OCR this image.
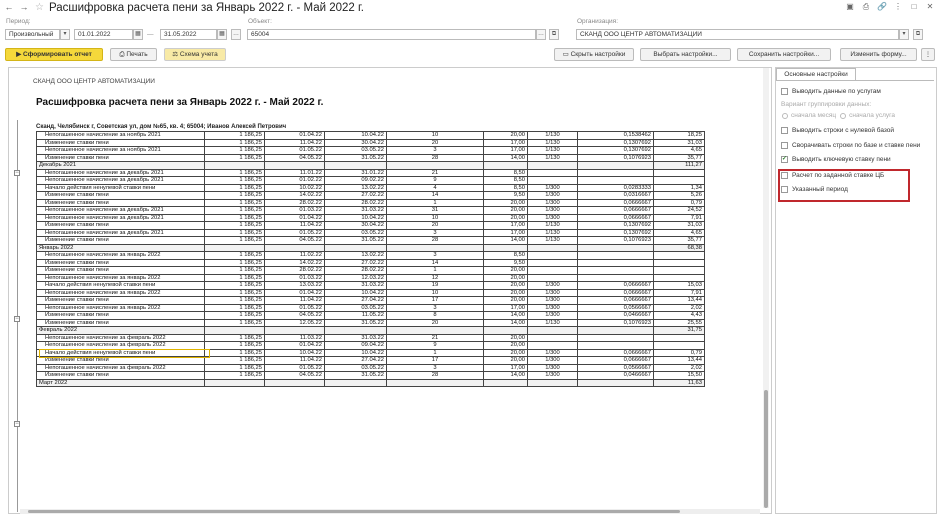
← → ☆ Расшифровка расчета пени за Январь 2022 г. - Май 2022 г.	▣	⎙ 🔗 ⋮	□	✕
Период:
Произвольный	▾	01.01.2022	▦ —	31.05.2022	▦	…
Объект:
65004	…	⧉
Организация:
СКАНД ООО ЦЕНТР АВТОМАТИЗАЦИИ	▾	⧉
▶ Сформировать отчет	⎙ Печать	⚖ Схема учета	▭ Скрыть настройки	Выбрать настройки...	Сохранить настройки...	Изменить форму...	⋮
СКАНД ООО ЦЕНТР АВТОМАТИЗАЦИИ
Расшифровка расчета пени за Январь 2022 г. - Май 2022 г.
Сканд, Челябинск г, Советская ул, дом №65, кв. 4; 65004; Иванов Алексей Петрович
−
−
−
Непогашенное начисление за ноябрь 2021	1 186,25	01.04.22	10.04.22	10	20,00	1/130	0,1538462	18,25
Изменение ставки пени	1 186,25	11.04.22	30.04.22	20	17,00	1/130	0,1307692	31,03
Непогашенное начисление за ноябрь 2021	1 186,25	01.05.22	03.05.22	3	17,00	1/130	0,1307692	4,65
Изменение ставки пени	1 186,25	04.05.22	31.05.22	28	14,00	1/130	0,1076923	35,77
Декабрь 2021								111,27
Непогашенное начисление за декабрь 2021	1 186,25	11.01.22	31.01.22	21	8,50			
Непогашенное начисление за декабрь 2021	1 186,25	01.02.22	09.02.22	9	8,50			
Начало действия ненулевой ставки пени	1 186,25	10.02.22	13.02.22	4	8,50	1/300	0,0283333	1,34
Изменение ставки пени	1 186,25	14.02.22	27.02.22	14	9,50	1/300	0,0316667	5,26
Изменение ставки пени	1 186,25	28.02.22	28.02.22	1	20,00	1/300	0,0666667	0,79
Непогашенное начисление за декабрь 2021	1 186,25	01.03.22	31.03.22	31	20,00	1/300	0,0666667	24,52
Непогашенное начисление за декабрь 2021	1 186,25	01.04.22	10.04.22	10	20,00	1/300	0,0666667	7,91
Изменение ставки пени	1 186,25	11.04.22	30.04.22	20	17,00	1/130	0,1307692	31,03
Непогашенное начисление за декабрь 2021	1 186,25	01.05.22	03.05.22	3	17,00	1/130	0,1307692	4,65
Изменение ставки пени	1 186,25	04.05.22	31.05.22	28	14,00	1/130	0,1076923	35,77
Январь 2022								68,38
Непогашенное начисление за январь 2022	1 186,25	11.02.22	13.02.22	3	8,50			
Изменение ставки пени	1 186,25	14.02.22	27.02.22	14	9,50			
Изменение ставки пени	1 186,25	28.02.22	28.02.22	1	20,00			
Непогашенное начисление за январь 2022	1 186,25	01.03.22	12.03.22	12	20,00			
Начало действия ненулевой ставки пени	1 186,25	13.03.22	31.03.22	19	20,00	1/300	0,0666667	15,03
Непогашенное начисление за январь 2022	1 186,25	01.04.22	10.04.22	10	20,00	1/300	0,0666667	7,91
Изменение ставки пени	1 186,25	11.04.22	27.04.22	17	20,00	1/300	0,0666667	13,44
Непогашенное начисление за январь 2022	1 186,25	01.05.22	03.05.22	3	17,00	1/300	0,0566667	2,02
Изменение ставки пени	1 186,25	04.05.22	11.05.22	8	14,00	1/300	0,0466667	4,43
Изменение ставки пени	1 186,25	12.05.22	31.05.22	20	14,00	1/130	0,1076923	25,55
Февраль 2022								31,75
Непогашенное начисление за февраль 2022	1 186,25	11.03.22	31.03.22	21	20,00			
Непогашенное начисление за февраль 2022	1 186,25	01.04.22	09.04.22	9	20,00			
Начало действия ненулевой ставки пени	1 186,25	10.04.22	10.04.22	1	20,00	1/300	0,0666667	0,79
Изменение ставки пени	1 186,25	11.04.22	27.04.22	17	20,00	1/300	0,0666667	13,44
Непогашенное начисление за февраль 2022	1 186,25	01.05.22	03.05.22	3	17,00	1/300	0,0566667	2,02
Изменение ставки пени	1 186,25	04.05.22	31.05.22	28	14,00	1/300	0,0466667	15,50
Март 2022								11,63
Основные настройки
Выводить данные по услугам
Вариант группировки данных:
сначала месяц сначала услуга
Выводить строки с нулевой базой
Сворачивать строки по базе и ставке пени
✓ Выводить ключевую ставку пени
Расчет по заданной ставке ЦБ
Указанный период
